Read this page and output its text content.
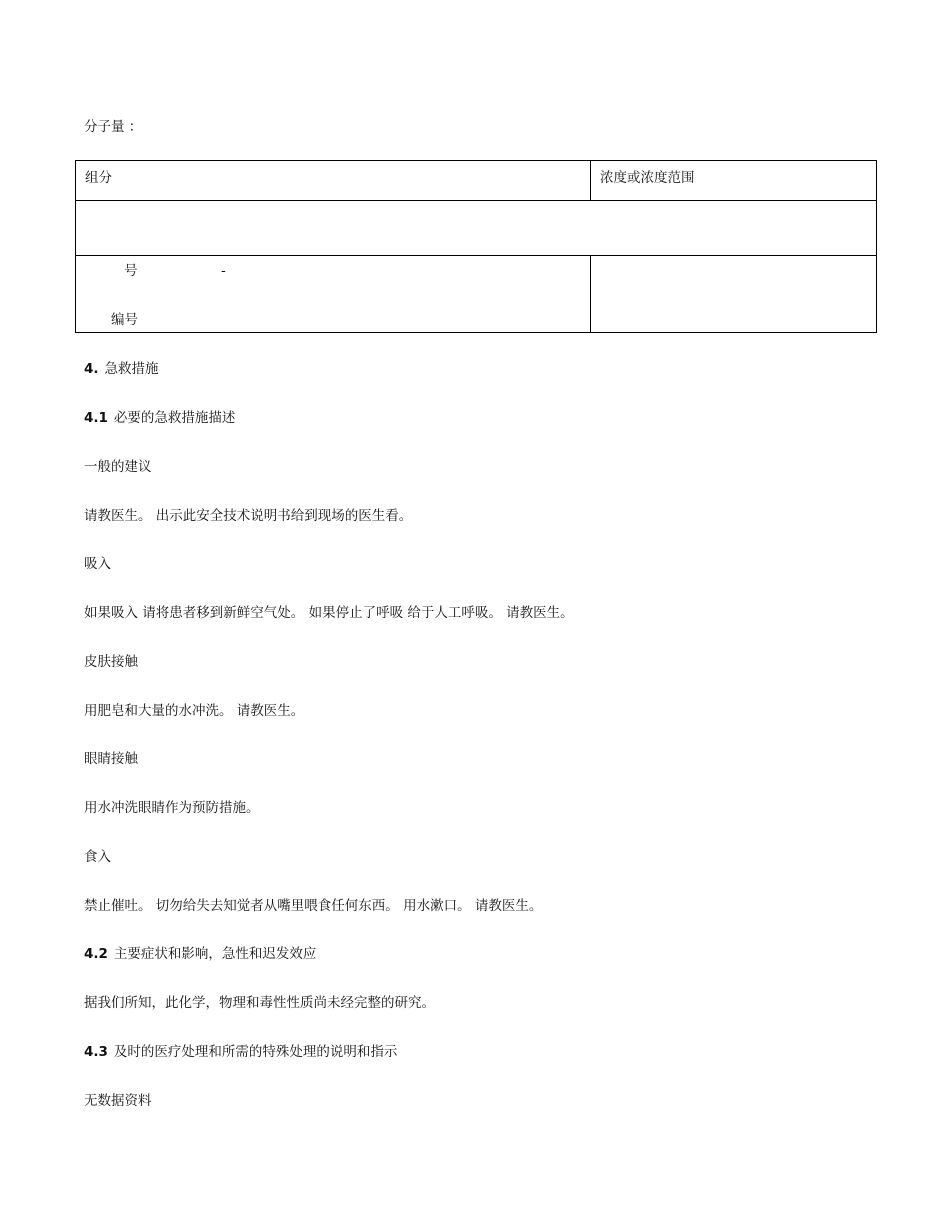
分子量 ：
组分	浓度或浓度范围
号	-
编号
4. 急救措施
4.1 必要的急救措施描述
一般的建议
请教医生。 出示此安全技术说明书给到现场的医生看。
吸入
如果吸入 请将患者移到新鲜空气处。 如果停止了呼吸 给于人工呼吸。 请教医生。
皮肤接触
用肥皂和大量的水冲洗。 请教医生。
眼睛接触
用水冲洗眼睛作为预防措施。
食入
禁止催吐。 切勿给失去知觉者从嘴里喂食任何东西。 用水漱口。 请教医生。
4.2 主要症状和影响，急性和迟发效应
据我们所知，此化学，物理和毒性性质尚未经完整的研究。
4.3 及时的医疗处理和所需的特殊处理的说明和指示
无数据资料
